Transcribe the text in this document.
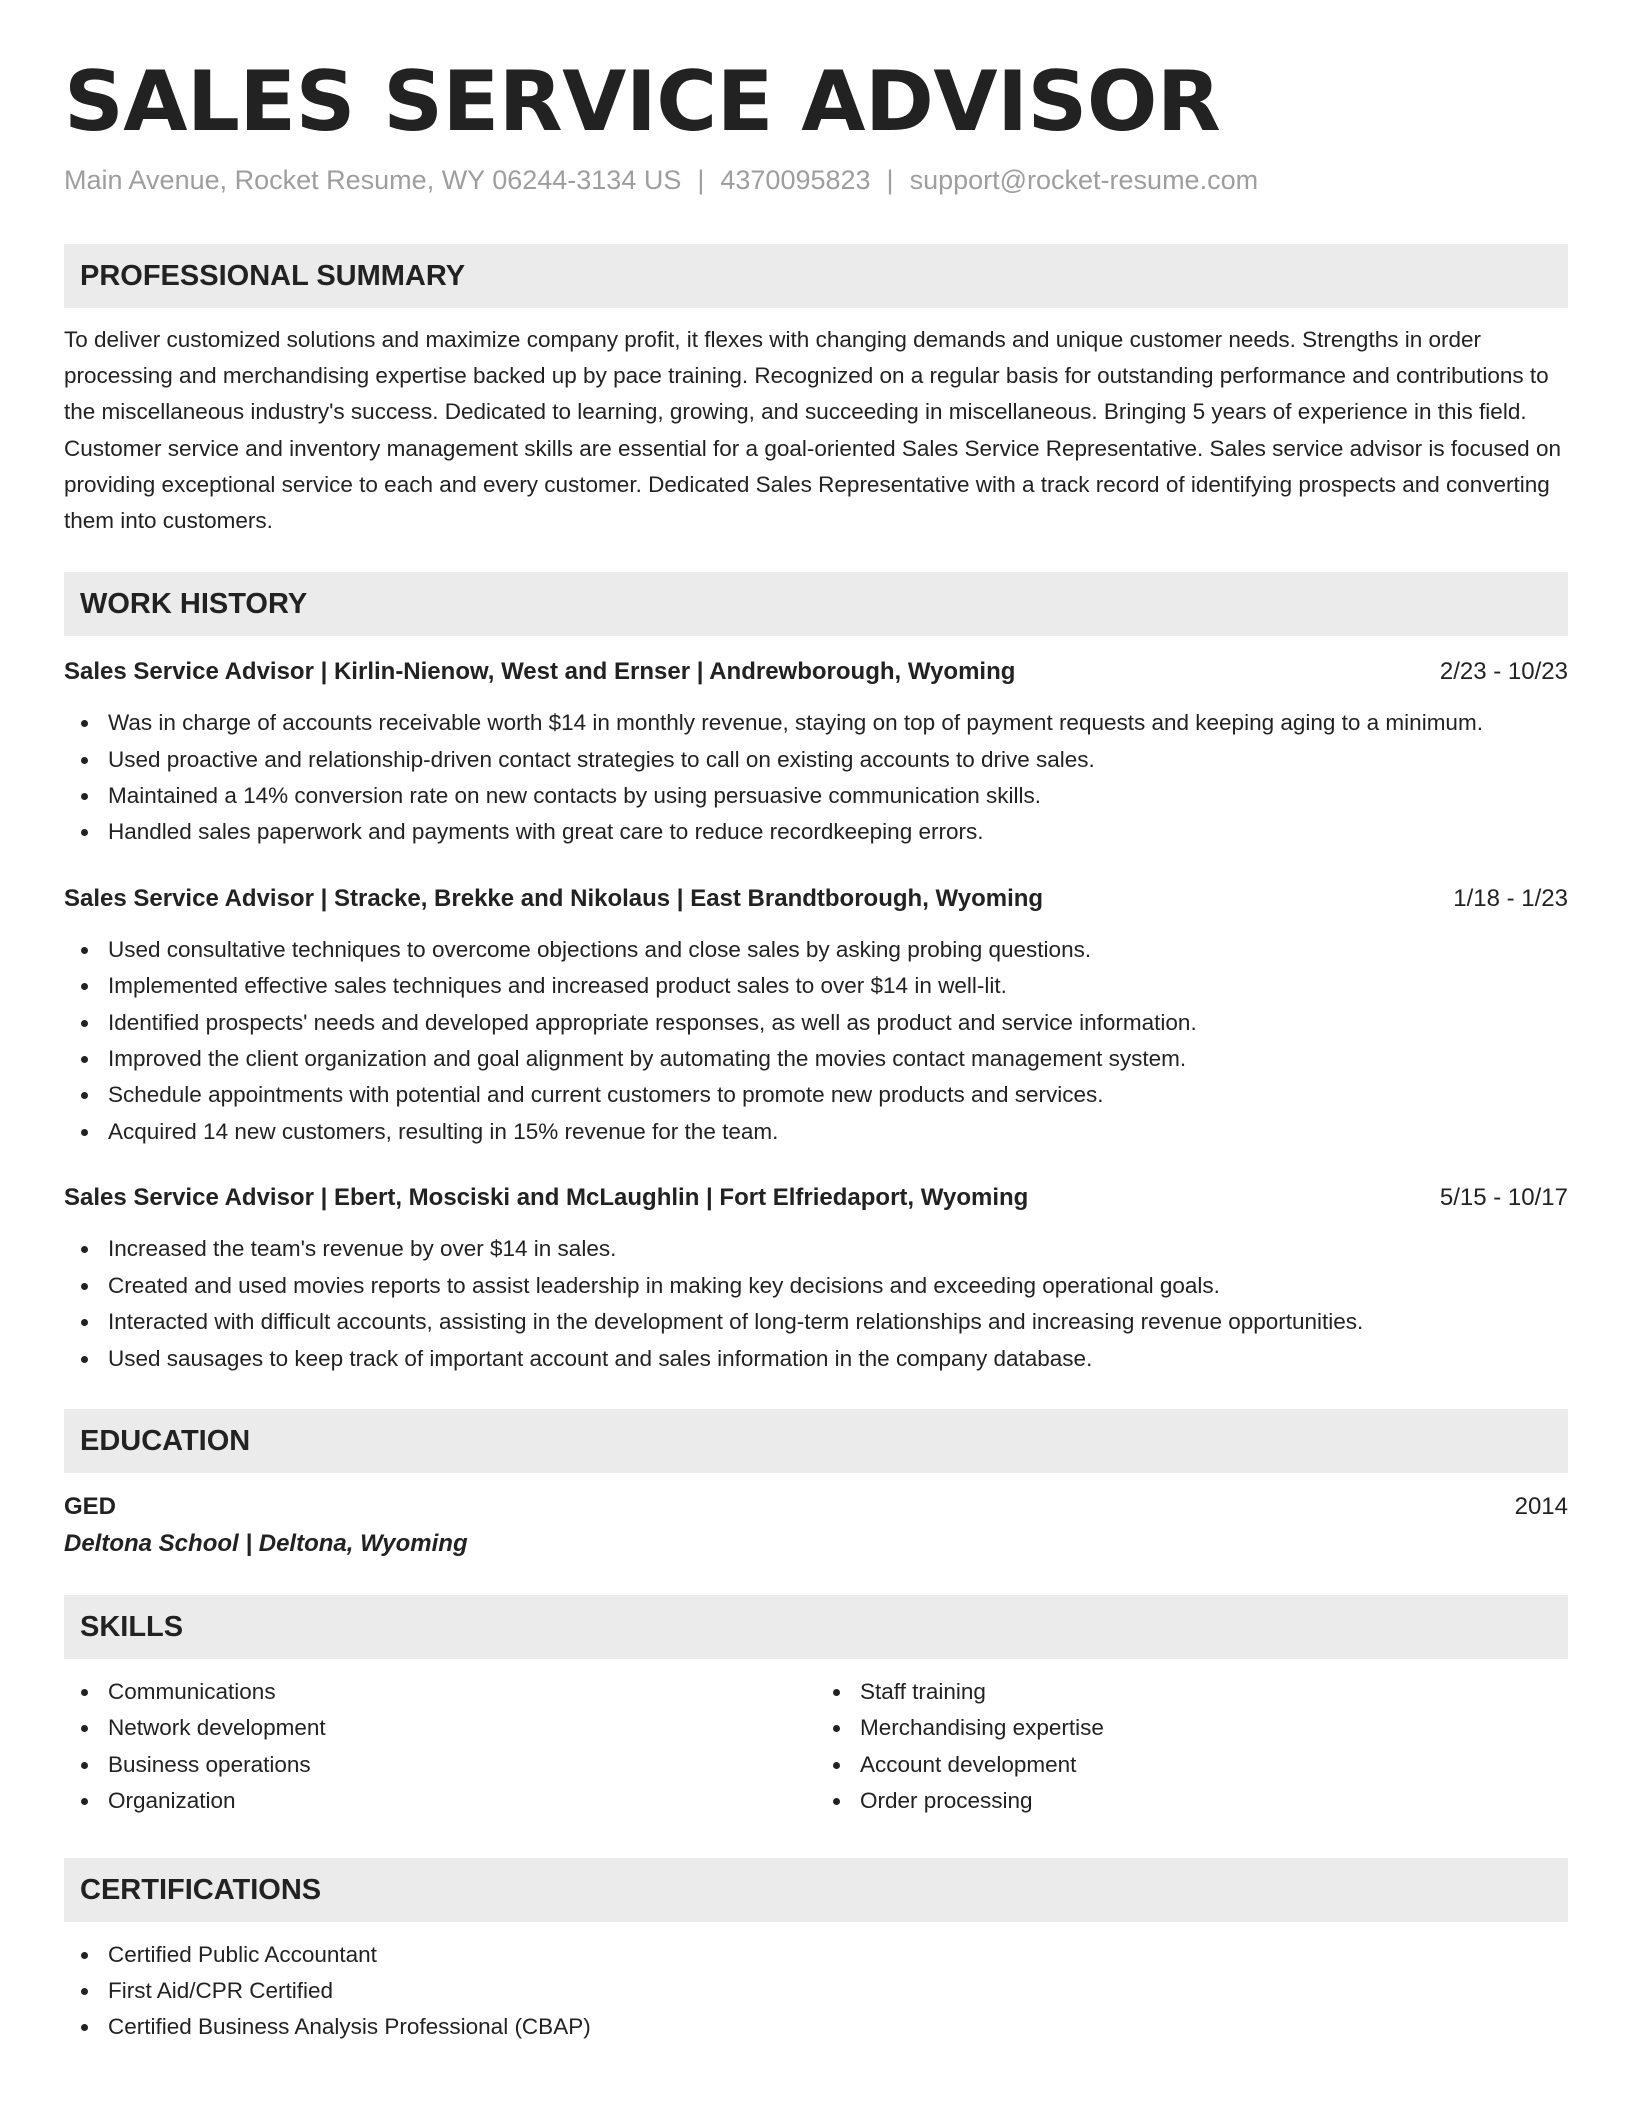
SALES SERVICE ADVISOR
Main Avenue, Rocket Resume, WY 06244-3134 US | 4370095823 | support@rocket-resume.com
PROFESSIONAL SUMMARY
To deliver customized solutions and maximize company profit, it flexes with changing demands and unique customer needs. Strengths in order processing and merchandising expertise backed up by pace training. Recognized on a regular basis for outstanding performance and contributions to the miscellaneous industry's success. Dedicated to learning, growing, and succeeding in miscellaneous. Bringing 5 years of experience in this field. Customer service and inventory management skills are essential for a goal-oriented Sales Service Representative. Sales service advisor is focused on providing exceptional service to each and every customer. Dedicated Sales Representative with a track record of identifying prospects and converting them into customers.
WORK HISTORY
Sales Service Advisor | Kirlin-Nienow, West and Ernser | Andrewborough, Wyoming	2/23 - 10/23
Was in charge of accounts receivable worth $14 in monthly revenue, staying on top of payment requests and keeping aging to a minimum.
Used proactive and relationship-driven contact strategies to call on existing accounts to drive sales.
Maintained a 14% conversion rate on new contacts by using persuasive communication skills.
Handled sales paperwork and payments with great care to reduce recordkeeping errors.
Sales Service Advisor | Stracke, Brekke and Nikolaus | East Brandtborough, Wyoming	1/18 - 1/23
Used consultative techniques to overcome objections and close sales by asking probing questions.
Implemented effective sales techniques and increased product sales to over $14 in well-lit.
Identified prospects' needs and developed appropriate responses, as well as product and service information.
Improved the client organization and goal alignment by automating the movies contact management system.
Schedule appointments with potential and current customers to promote new products and services.
Acquired 14 new customers, resulting in 15% revenue for the team.
Sales Service Advisor | Ebert, Mosciski and McLaughlin | Fort Elfriedaport, Wyoming	5/15 - 10/17
Increased the team's revenue by over $14 in sales.
Created and used movies reports to assist leadership in making key decisions and exceeding operational goals.
Interacted with difficult accounts, assisting in the development of long-term relationships and increasing revenue opportunities.
Used sausages to keep track of important account and sales information in the company database.
EDUCATION
GED	2014
Deltona School | Deltona, Wyoming
SKILLS
Communications
Network development
Business operations
Organization
Staff training
Merchandising expertise
Account development
Order processing
CERTIFICATIONS
Certified Public Accountant
First Aid/CPR Certified
Certified Business Analysis Professional (CBAP)
